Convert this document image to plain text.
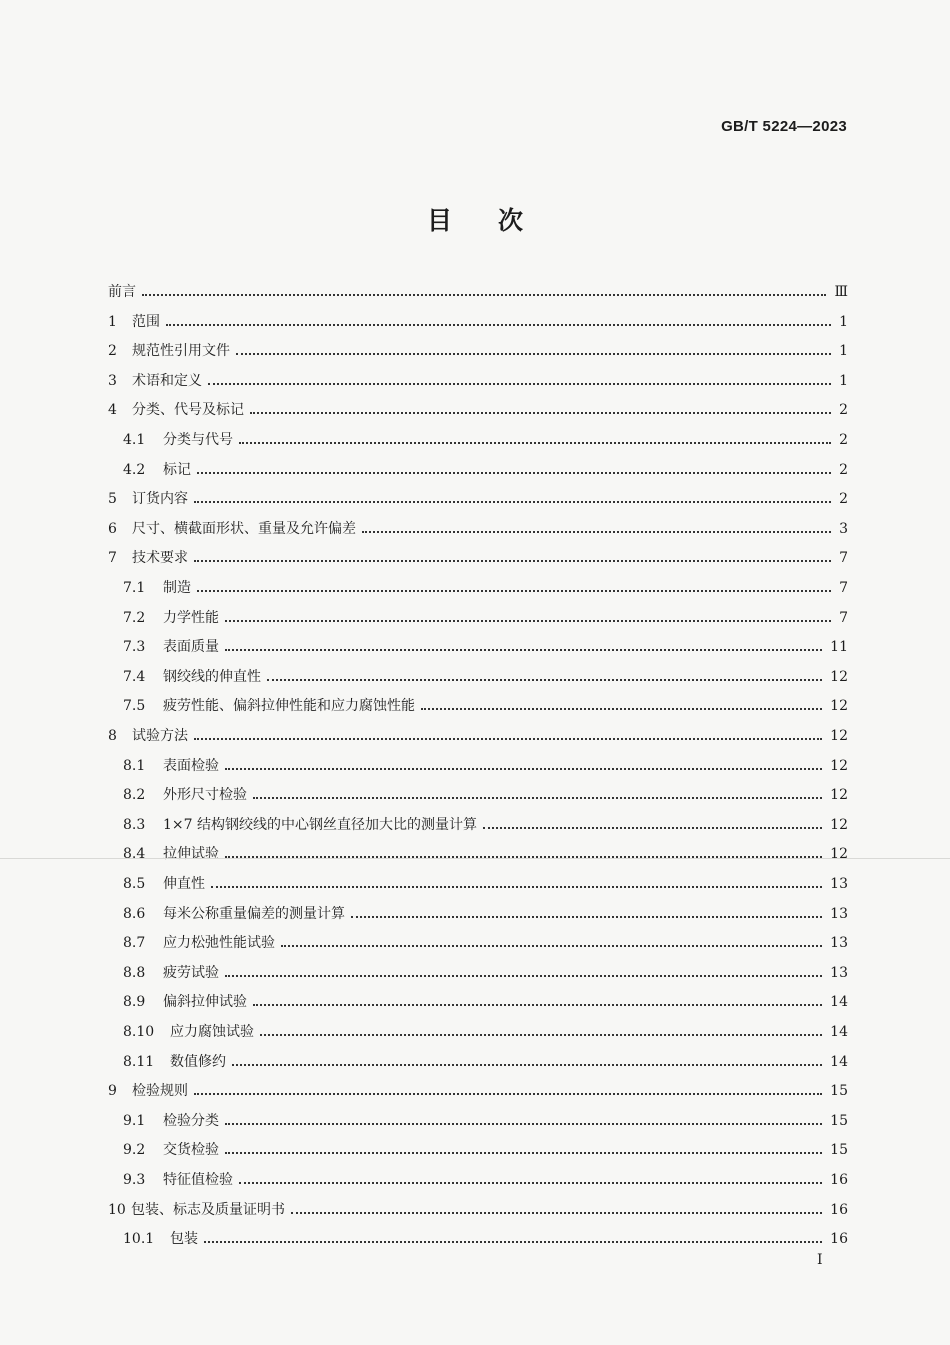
GB/T 5224—2023
目 次
前言	Ⅲ
1 范围	1
2 规范性引用文件	1
3 术语和定义	1
4 分类、代号及标记	2
4.1 分类与代号	2
4.2 标记	2
5 订货内容	2
6 尺寸、横截面形状、重量及允许偏差	3
7 技术要求	7
7.1 制造	7
7.2 力学性能	7
7.3 表面质量	11
7.4 钢绞线的伸直性	12
7.5 疲劳性能、偏斜拉伸性能和应力腐蚀性能	12
8 试验方法	12
8.1 表面检验	12
8.2 外形尺寸检验	12
8.3 1×7 结构钢绞线的中心钢丝直径加大比的测量计算	12
8.4 拉伸试验	12
8.5 伸直性	13
8.6 每米公称重量偏差的测量计算	13
8.7 应力松弛性能试验	13
8.8 疲劳试验	13
8.9 偏斜拉伸试验	14
8.10 应力腐蚀试验	14
8.11 数值修约	14
9 检验规则	15
9.1 检验分类	15
9.2 交货检验	15
9.3 特征值检验	16
10 包装、标志及质量证明书	16
10.1 包装	16
I
